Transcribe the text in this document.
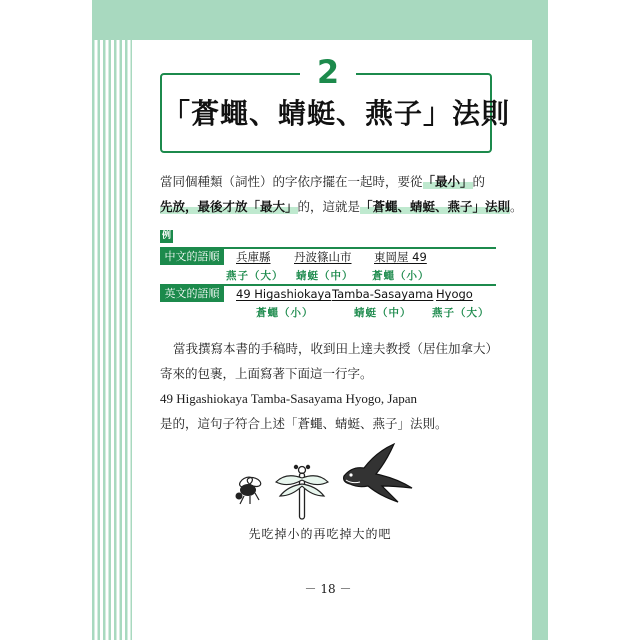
2
「蒼蠅、蜻蜓、燕子」法則
當同個種類（詞性）的字依序擺在一起時，要從「最小」的
先放，最後才放「最大」的，這就是「蒼蠅、蜻蜓、燕子」法則。
例
中文的語順	兵庫縣 丹波篠山市 東岡屋 49
燕子（大） 蜻蜓（中） 蒼蠅（小）
英文的語順	49 Higashiokaya Tamba-Sasayama Hyogo
蒼蠅（小）	蜻蜓（中） 燕子（大）
當我撰寫本書的手稿時，收到田上達夫教授（居住加拿大）
寄來的包裹，上面寫著下面這一行字。
49 Higashiokaya Tamba-Sasayama Hyogo, Japan
是的，這句子符合上述「蒼蠅、蜻蜓、燕子」法則。
先吃掉小的再吃掉大的吧
－ 18 －
